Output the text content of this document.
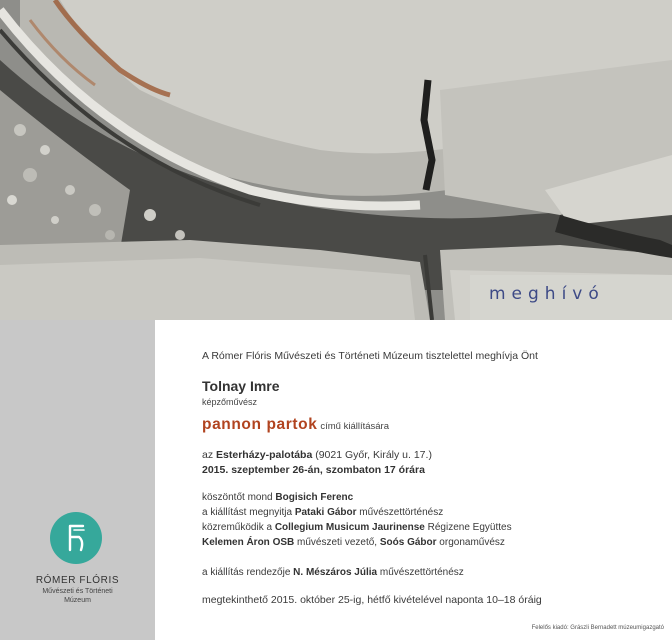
meghívó
RÓMER FLÓRIS
Művészeti és Történeti
Múzeum
A Rómer Flóris Művészeti és Történeti Múzeum tisztelettel meghívja Önt
Tolnay Imre
képzőművész
pannon partok című kiállítására
az Esterházy-palotába (9021 Győr, Király u. 17.)
2015. szeptember 26-án, szombaton 17 órára
köszöntőt mond Bogisich Ferenc
a kiállítást megnyitja Pataki Gábor művészettörténész
közreműködik a Collegium Musicum Jaurinense Régizene Együttes
Kelemen Áron OSB művészeti vezető, Soós Gábor orgonaművész
a kiállítás rendezője N. Mészáros Júlia művészettörténész
megtekinthető 2015. október 25-ig, hétfő kivételével naponta 10–18 óráig
Felelős kiadó: Grászli Bernadett múzeumigazgató
